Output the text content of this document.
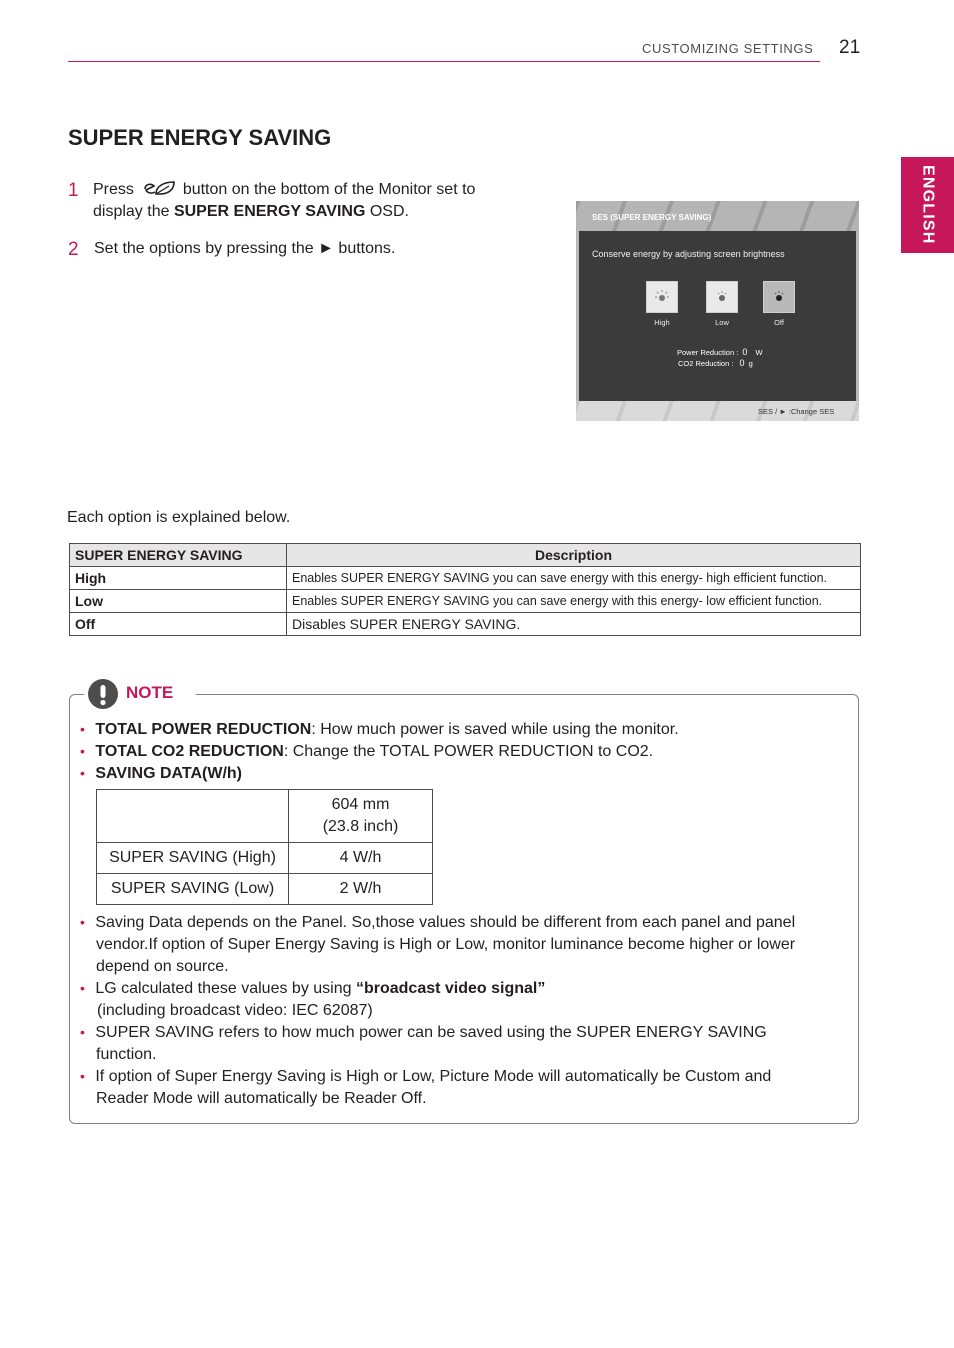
CUSTOMIZING SETTINGS 21
ENGLISH
SUPER ENERGY SAVING
1 Press	button on the bottom of the Monitor set to
display the SUPER ENERGY SAVING OSD.
2 Set the options by pressing the ► buttons.
SES (SUPER ENERGY SAVING)
Conserve energy by adjusting screen brightness
High	Low	Off
Power Reduction : 0 W
CO2 Reduction : 0 g
SES / ► :Change SES
Each option is explained below.
SUPER ENERGY SAVING	Description
High	Enables SUPER ENERGY SAVING you can save energy with this energy- high efficient function.
Low	Enables SUPER ENERGY SAVING you can save energy with this energy- low efficient function.
Off	Disables SUPER ENERGY SAVING.
NOTE
• TOTAL POWER REDUCTION: How much power is saved while using the monitor.
• TOTAL CO2 REDUCTION: Change the TOTAL POWER REDUCTION to CO2.
• SAVING DATA(W/h)
	604 mm
(23.8 inch)
SUPER SAVING (High)	4 W/h
SUPER SAVING (Low)	2 W/h
• Saving Data depends on the Panel. So,those values should be different from each panel and panel
vendor.If option of Super Energy Saving is High or Low, monitor luminance become higher or lower
depend on source.
• LG calculated these values by using “broadcast video signal”
(including broadcast video: IEC 62087)
• SUPER SAVING refers to how much power can be saved using the SUPER ENERGY SAVING
function.
• If option of Super Energy Saving is High or Low, Picture Mode will automatically be Custom and
Reader Mode will automatically be Reader Off.
